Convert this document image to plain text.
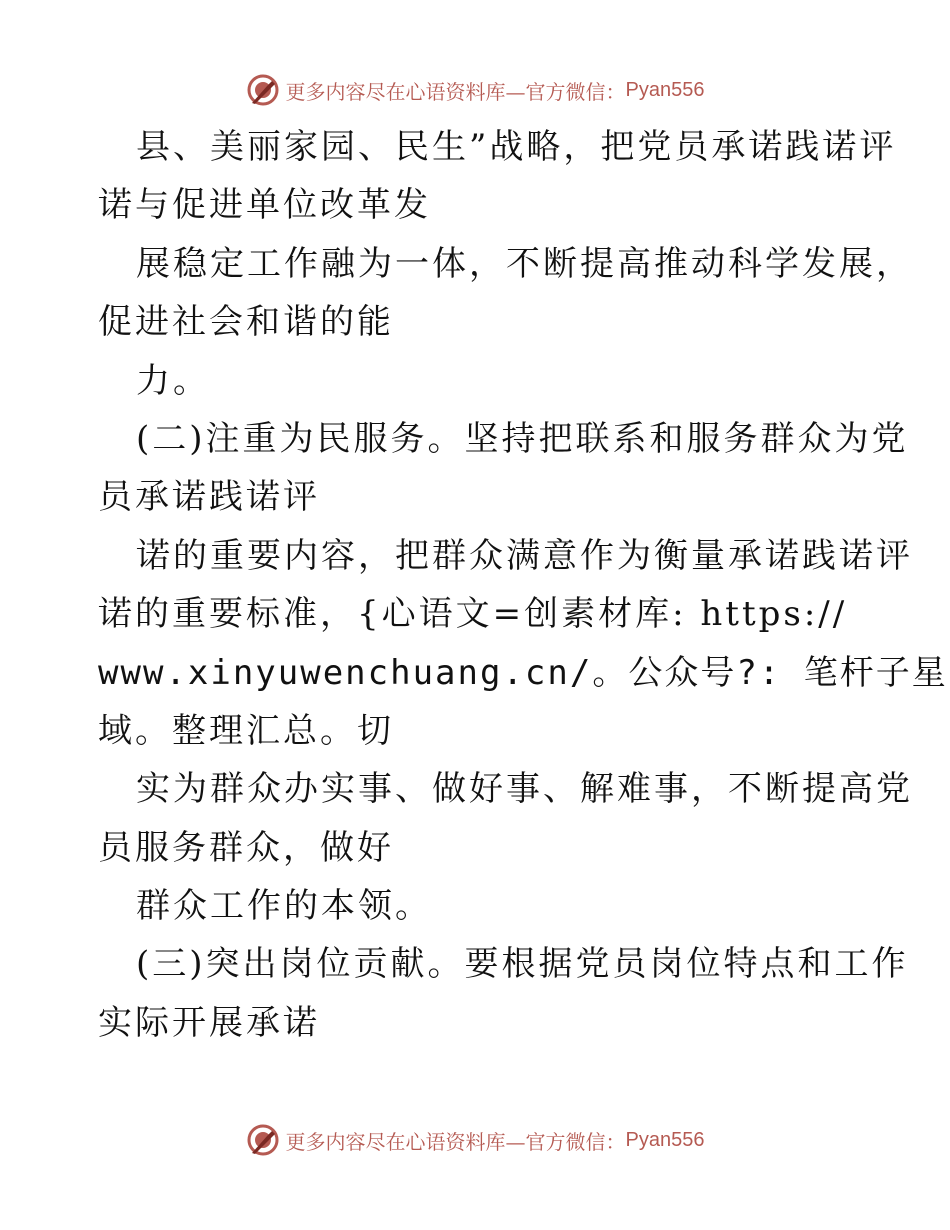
更多内容尽在心语资料库—官方微信： Pyan556
县、美丽家园、民生”战略，把党员承诺践诺评
诺与促进单位改革发
展稳定工作融为一体，不断提高推动科学发展，
促进社会和谐的能
力。
(二)注重为民服务。坚持把联系和服务群众为党
员承诺践诺评
诺的重要内容，把群众满意作为衡量承诺践诺评
诺的重要标准，{心语文=创素材库: https://
www.xinyuwenchuang.cn/。公众号?: 笔杆子星
域。整理汇总。切
实为群众办实事、做好事、解难事，不断提高党
员服务群众，做好
群众工作的本领。
(三)突出岗位贡献。要根据党员岗位特点和工作
实际开展承诺
更多内容尽在心语资料库—官方微信： Pyan556
